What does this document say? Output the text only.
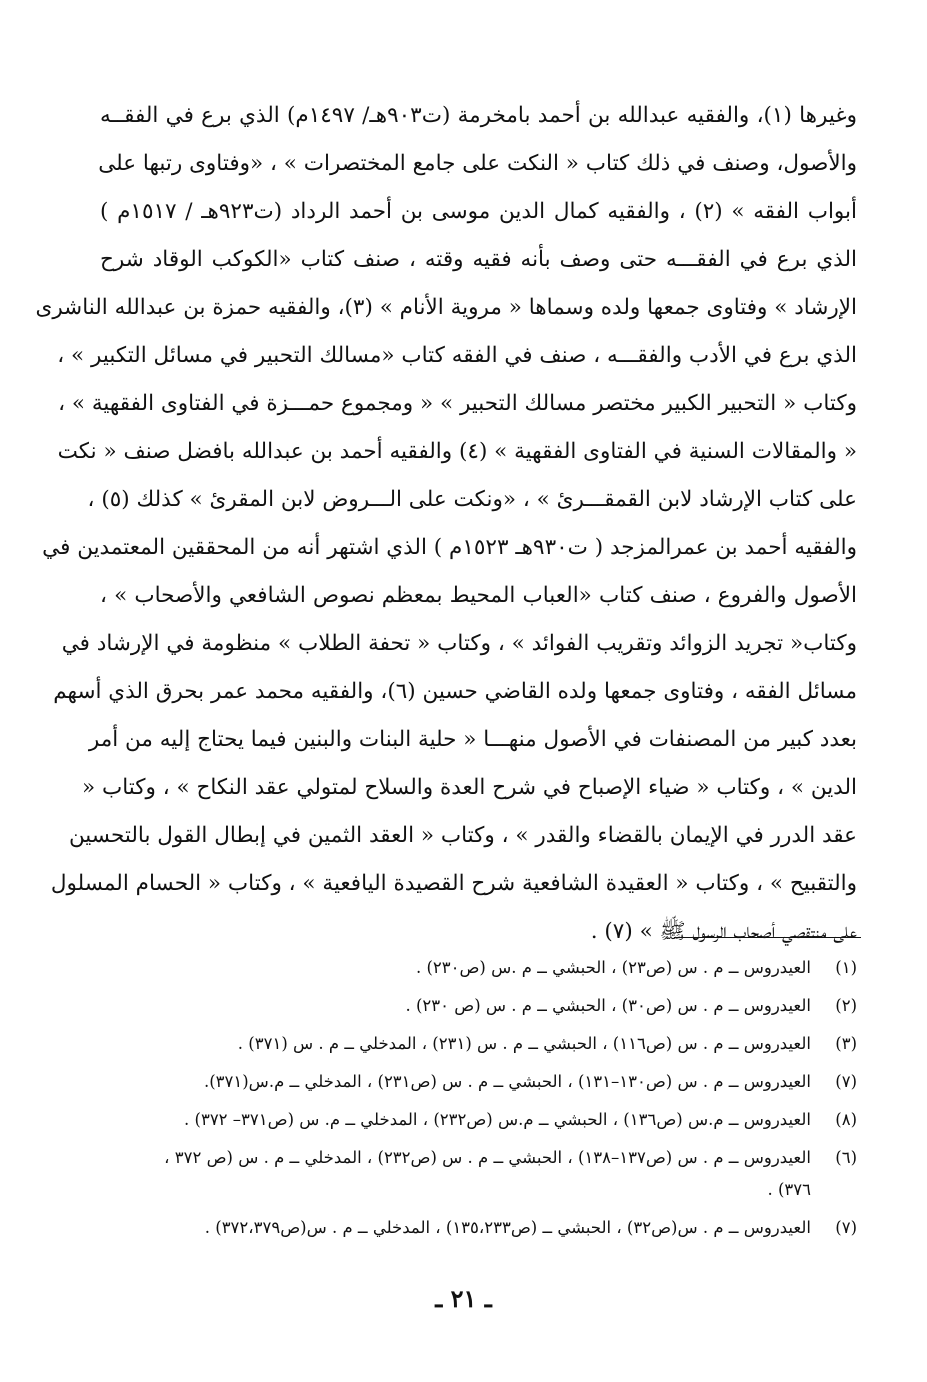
وغيرها (١)، والفقيه عبدالله بن أحمد بامخرمة (ت٩٠٣هـ/ ١٤٩٧م) الذي برع في الفقــه
والأصول، وصنف في ذلك كتاب « النكت على جامع المختصرات » ، «وفتاوى رتبها على
أبواب الفقه » (٢) ، والفقيه كمال الدين موسى بن أحمد الرداد (ت٩٢٣هـ / ١٥١٧م )
الذي برع في الفقـــه حتى وصف بأنه فقيه وقته ، صنف كتاب «الكوكب الوقاد شرح
الإرشاد » وفتاوى جمعها ولده وسماها « مروية الأنام » (٣)، والفقيه حمزة بن عبدالله الناشرى
الذي برع في الأدب والفقـــه ، صنف في الفقه كتاب «مسالك التحبير في مسائل التكبير » ،
وكتاب « التحبير الكبير مختصر مسالك التحبير » « ومجموع حمـــزة في الفتاوى الفقهية » ،
« والمقالات السنية في الفتاوى الفقهية » (٤) والفقيه أحمد بن عبدالله بافضل صنف « نكت
على كتاب الإرشاد لابن القمقـــرئ » ، «ونكت على الـــروض لابن المقرئ » كذلك (٥) ،
والفقيه أحمد بن عمرالمزجد ( ت٩٣٠هـ ١٥٢٣م ) الذي اشتهر أنه من المحققين المعتمدين في
الأصول والفروع ، صنف كتاب «العباب المحيط بمعظم نصوص الشافعي والأصحاب » ،
وكتاب« تجريد الزوائد وتقريب الفوائد » ، وكتاب « تحفة الطلاب » منظومة في الإرشاد في
مسائل الفقه ، وفتاوى جمعها ولده القاضي حسين (٦)، والفقيه محمد عمر بحرق الذي أسهم
بعدد كبير من المصنفات في الأصول منهـــا « حلية البنات والبنين فيما يحتاج إليه من أمر
الدين » ، وكتاب « ضياء الإصباح في شرح العدة والسلاح لمتولي عقد النكاح » ، وكتاب «
عقد الدرر في الإيمان بالقضاء والقدر » ، وكتاب « العقد الثمين في إبطال القول بالتحسين
والتقبيح » ، وكتاب « العقيدة الشافعية شرح القصيدة اليافعية » ، وكتاب « الحسام المسلول
على منتقصي أصحاب الرسول ﷺ » (٧) .
(١)
العيدروس ــ م . س (ص٢٣) ، الحبشي ــ م .س (ص٢٣٠) .
(٢)
العيدروس ــ م . س (ص٣٠) ، الحبشي ــ م . س (ص ٢٣٠) .
(٣)
العيدروس ــ م . س (ص١١٦) ، الحبشي ــ م . س (٢٣١) ، المدخلي ــ م . س (٣٧١) .
(٧)
العيدروس ــ م . س (ص١٣٠–١٣١) ، الحبشي ــ م . س (ص٢٣١) ، المدخلي ــ م.س(٣٧١).
(٨)
العيدروس ــ م.س (ص١٣٦) ، الحبشي ــ م.س (ص٢٣٢) ، المدخلي ــ م. س (ص٣٧١– ٣٧٢) .
(٦)
العيدروس ــ م . س (ص١٣٧–١٣٨) ، الحبشي ــ م . س (ص٢٣٢) ، المدخلي ــ م . س (ص ٣٧٢ ، ٣٧٦) .
(٧)
العيدروس ــ م . س(ص٣٢) ، الحبشي ــ (ص١٣٥،٢٣٣) ، المدخلي ــ م . س(ص٣٧٢،٣٧٩) .
ـ ٢١ ـ
